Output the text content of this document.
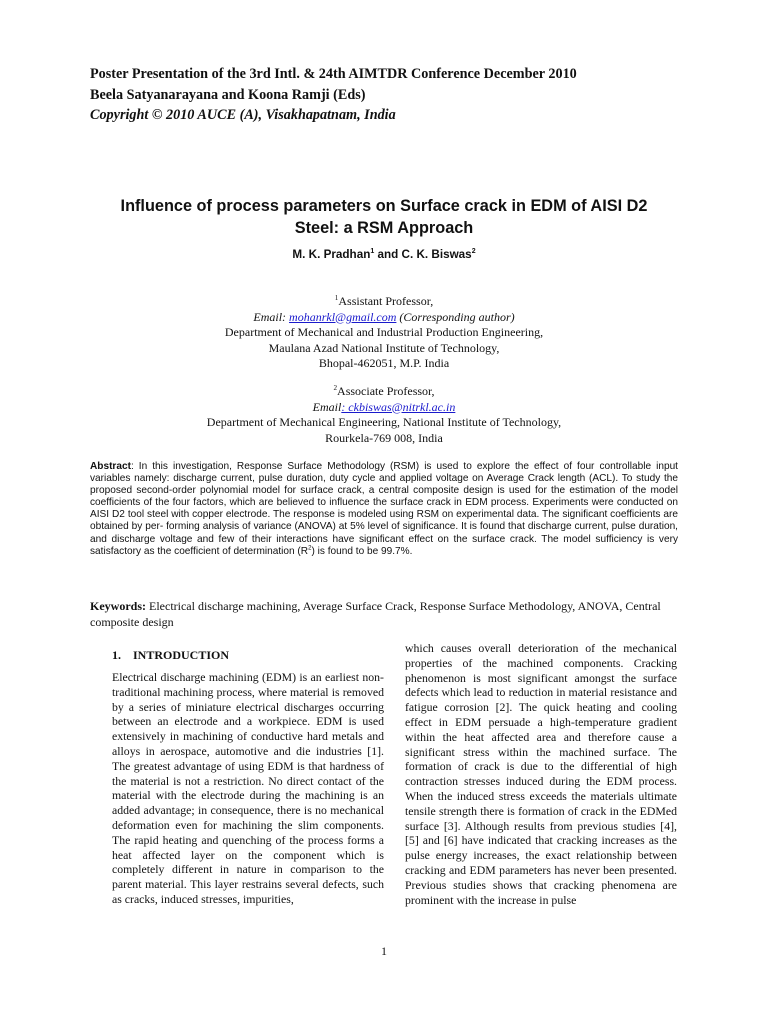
Poster Presentation of the 3rd Intl. & 24th AIMTDR Conference December 2010
Beela Satyanarayana and Koona Ramji (Eds)
Copyright © 2010 AUCE (A), Visakhapatnam, India
Influence of process parameters on Surface crack in EDM of AISI D2
Steel: a RSM Approach
M. K. Pradhan$^1$ and C. K. Biswas$^2$
$^1$Assistant Professor,
Email: mohanrkl@gmail.com (Corresponding author)
Department of Mechanical and Industrial Production Engineering,
Maulana Azad National Institute of Technology,
Bhopal-462051, M.P. India
$^2$Associate Professor,
Email: ckbiswas@nitrkl.ac.in
Department of Mechanical Engineering, National Institute of Technology,
Rourkela-769 008, India
Abstract: In this investigation, Response Surface Methodology (RSM) is used to explore the effect of four controllable input variables namely: discharge current, pulse duration, duty cycle and applied voltage on Average Crack length (ACL). To study the proposed second-order polynomial model for surface crack, a central composite design is used for the estimation of the model coefficients of the four factors, which are believed to influence the surface crack in EDM process. Experiments were conducted on AISI D2 tool steel with copper electrode. The response is modeled using RSM on experimental data. The significant coefficients are obtained by per- forming analysis of variance (ANOVA) at 5% level of significance. It is found that discharge current, pulse duration, and discharge voltage and few of their interactions have significant effect on the surface crack. The model sufficiency is very satisfactory as the coefficient of determination $(R^2)$ is found to be 99.7%.
Keywords: Electrical discharge machining, Average Surface Crack, Response Surface Methodology, ANOVA, Central composite design
1.    INTRODUCTION
Electrical discharge machining (EDM) is an earliest non-traditional machining process, where material is removed by a series of miniature electrical discharges occurring between an electrode and a workpiece. EDM is used extensively in machining of conductive hard metals and alloys in aerospace, automotive and die industries [1]. The greatest advantage of using EDM is that hardness of the material is not a restriction. No direct contact of the material with the electrode during the machining is an added advantage; in consequence, there is no mechanical deformation even for machining the slim components. The rapid heating and quenching of the process forms a heat affected layer on the component which is completely different in nature in comparison to the parent material. This layer restrains several defects, such as cracks, induced stresses, impurities,
which causes overall deterioration of the mechanical properties of the machined components. Cracking phenomenon is most significant amongst the surface defects which lead to reduction in material resistance and fatigue corrosion [2]. The quick heating and cooling effect in EDM persuade a high-temperature gradient within the heat affected area and therefore cause a significant stress within the machined surface. The formation of crack is due to the differential of high contraction stresses induced during the EDM process. When the induced stress exceeds the materials ultimate tensile strength there is formation of crack in the EDMed surface [3]. Although results from previous studies [4], [5] and [6] have indicated that cracking increases as the pulse energy increases, the exact relationship between cracking and EDM parameters has never been presented. Previous studies shows that cracking phenomena are prominent with the increase in pulse
1
